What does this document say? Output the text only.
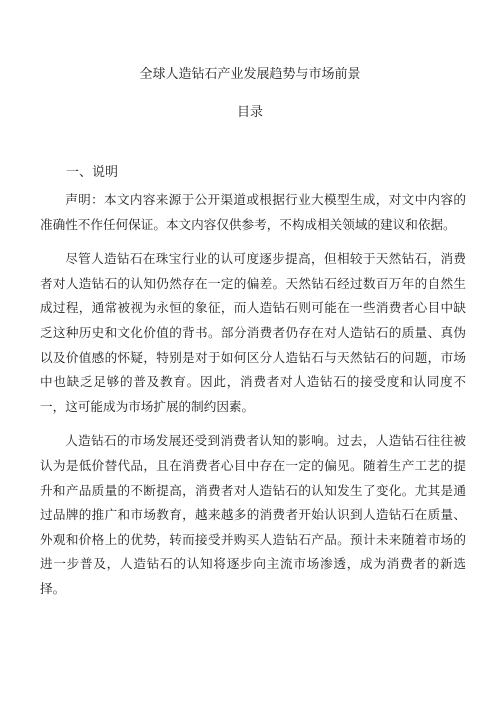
全球人造钻石产业发展趋势与市场前景
目录
一、说明

声明：本文内容来源于公开渠道或根据行业大模型生成，对文中内容的准确性不作任何保证。本文内容仅供参考，不构成相关领域的建议和依据。

尽管人造钻石在珠宝行业的认可度逐步提高，但相较于天然钻石，消费者对人造钻石的认知仍然存在一定的偏差。天然钻石经过数百万年的自然生成过程，通常被视为永恒的象征，而人造钻石则可能在一些消费者心目中缺乏这种历史和文化价值的背书。部分消费者仍存在对人造钻石的质量、真伪以及价值感的怀疑，特别是对于如何区分人造钻石与天然钻石的问题，市场中也缺乏足够的普及教育。因此，消费者对人造钻石的接受度和认同度不一，这可能成为市场扩展的制约因素。

人造钻石的市场发展还受到消费者认知的影响。过去，人造钻石往往被认为是低价替代品，且在消费者心目中存在一定的偏见。随着生产工艺的提升和产品质量的不断提高，消费者对人造钻石的认知发生了变化。尤其是通过品牌的推广和市场教育，越来越多的消费者开始认识到人造钻石在质量、外观和价格上的优势，转而接受并购买人造钻石产品。预计未来随着市场的进一步普及，人造钻石的认知将逐步向主流市场渗透，成为消费者的新选择。
